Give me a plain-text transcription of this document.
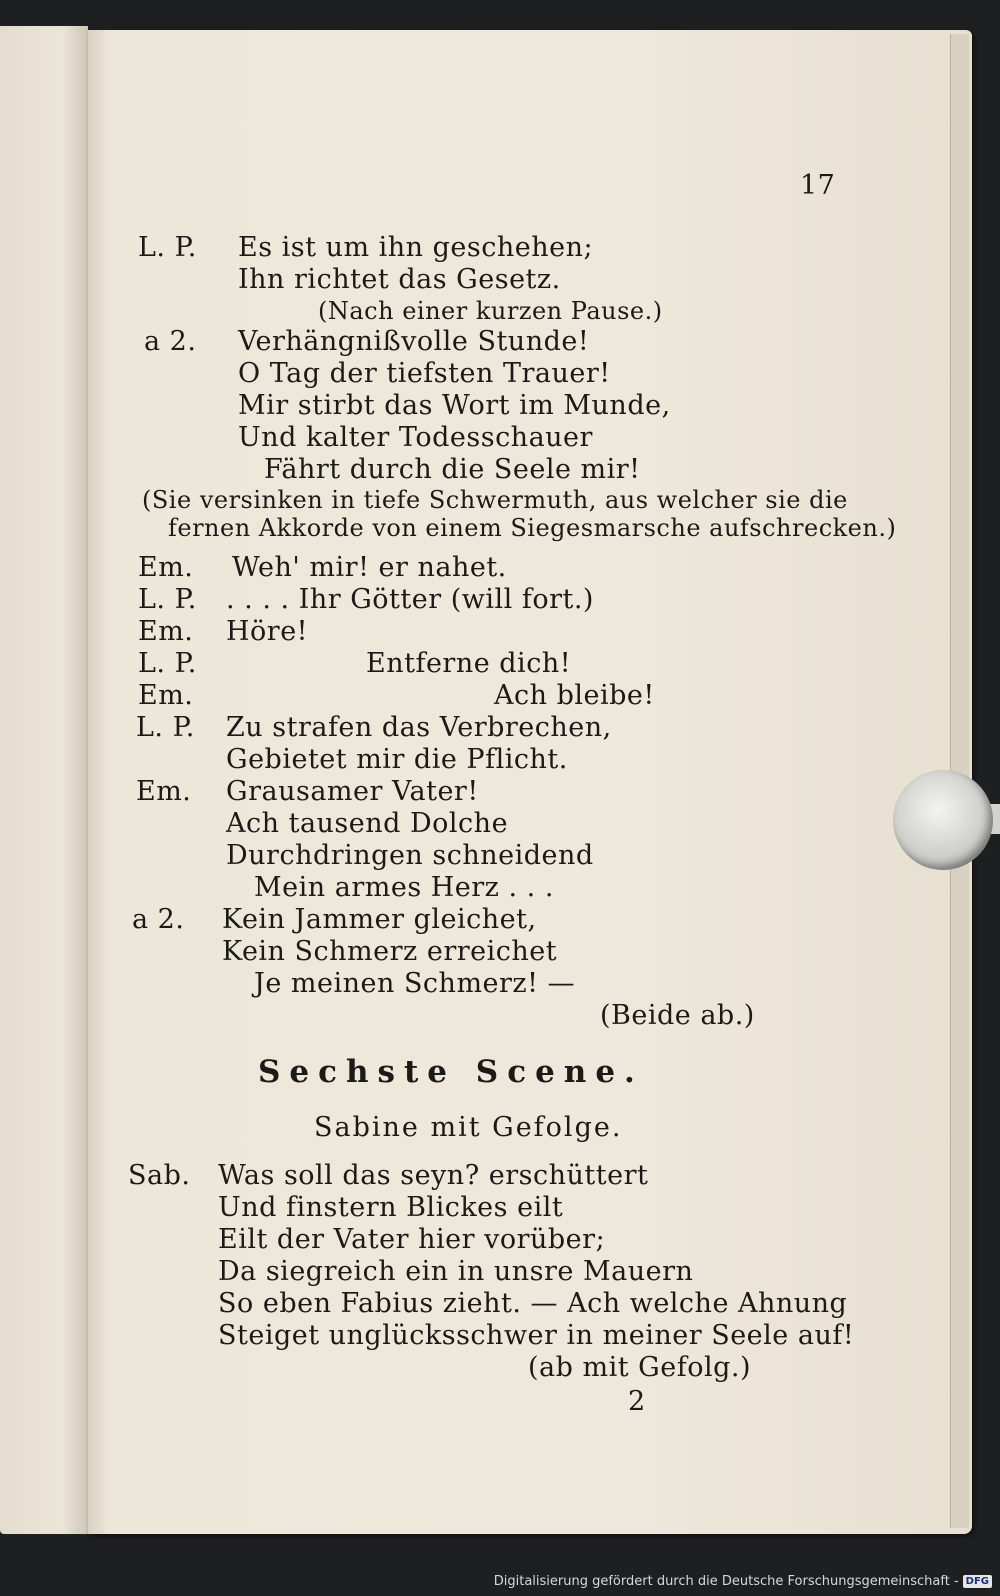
17
L. P. Es ist um ihn geschehen;
Ihn richtet das Gesetz.
(Nach einer kurzen Pause.)
a 2. Verhängnißvolle Stunde!
O Tag der tiefsten Trauer!
Mir stirbt das Wort im Munde,
Und kalter Todesschauer
Fährt durch die Seele mir!
(Sie versinken in tiefe Schwermuth, aus welcher sie die
fernen Akkorde von einem Siegesmarsche aufschrecken.)
Em. Weh' mir! er nahet.
L. P. . . . . Ihr Götter (will fort.)
Em. Höre!
L. P.	Entferne dich!
Em.	Ach bleibe!
L. P. Zu strafen das Verbrechen,
Gebietet mir die Pflicht.
Em. Grausamer Vater!
Ach tausend Dolche
Durchdringen schneidend
Mein armes Herz . . .
a 2. Kein Jammer gleichet,
Kein Schmerz erreichet
Je meinen Schmerz! —
(Beide ab.)
Sechste Scene.
Sabine mit Gefolge.
Sab. Was soll das seyn? erschüttert
Und finstern Blickes eilt
Eilt der Vater hier vorüber;
Da siegreich ein in unsre Mauern
So eben Fabius zieht. — Ach welche Ahnung
Steiget unglücksschwer in meiner Seele auf!
(ab mit Gefolg.)
2
Digitalisierung gefördert durch die Deutsche Forschungsgemeinschaft - DFG
